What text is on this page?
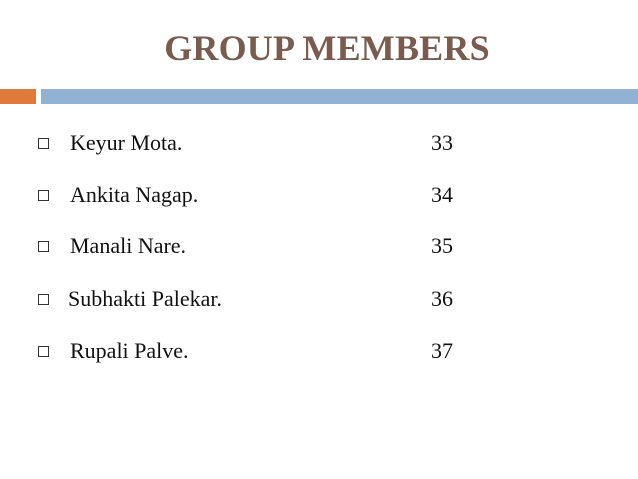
GROUP MEMBERS
Keyur Mota.	33
Ankita Nagap.	34
Manali Nare.	35
Subhakti Palekar.	36
Rupali Palve.	37
